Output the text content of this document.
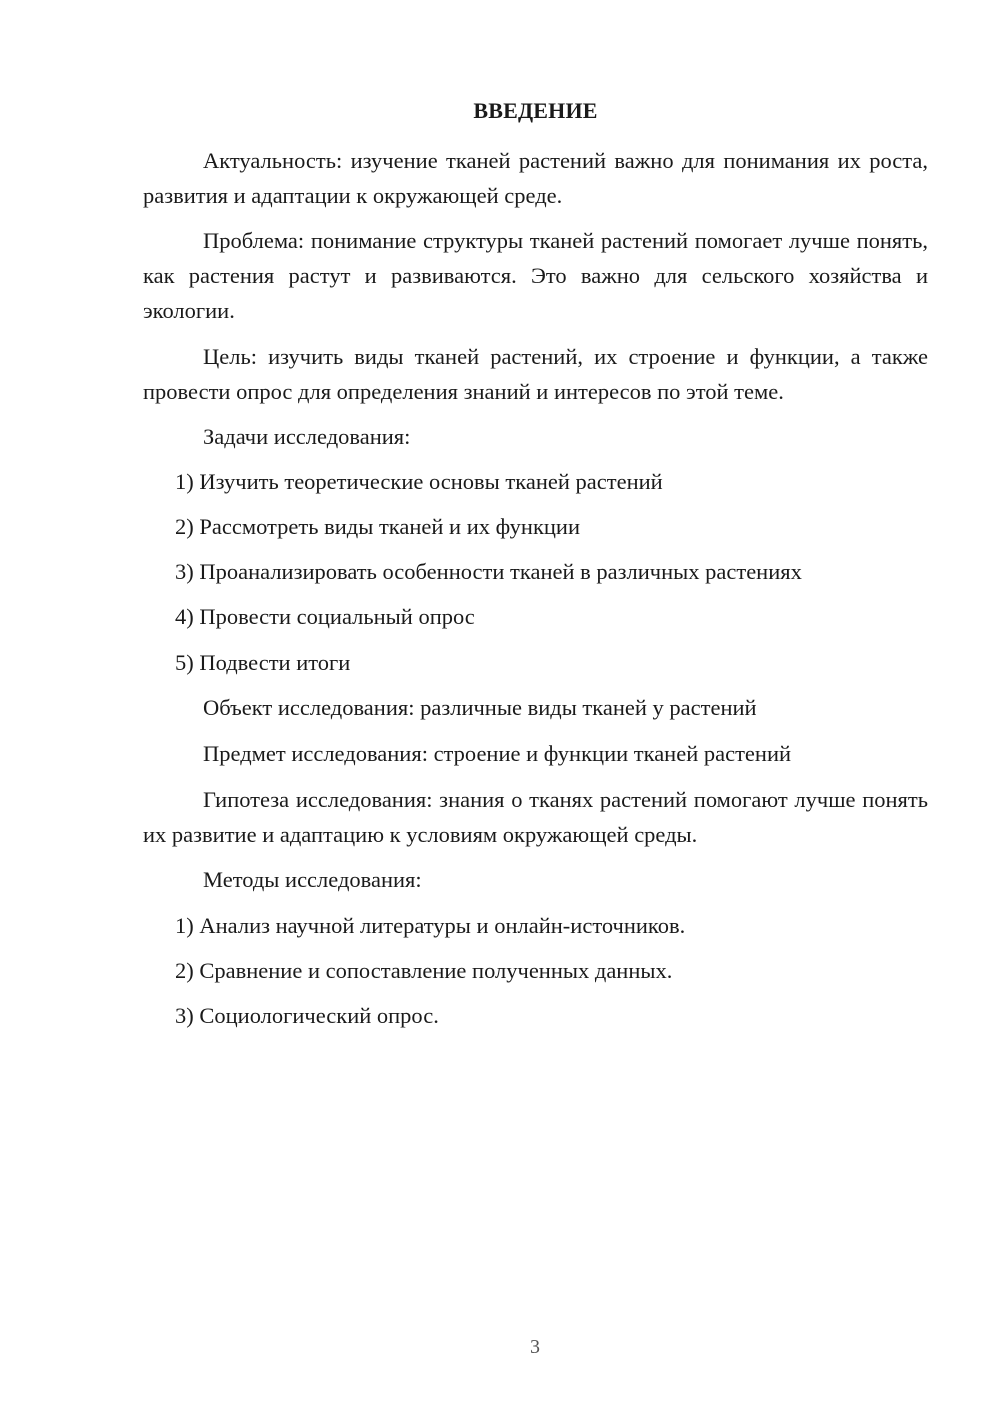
ВВЕДЕНИЕ

Актуальность: изучение тканей растений важно для понимания их роста, развития и адаптации к окружающей среде.

Проблема: понимание структуры тканей растений помогает лучше понять, как растения растут и развиваются. Это важно для сельского хозяйства и экологии.

Цель: изучить виды тканей растений, их строение и функции, а также провести опрос для определения знаний и интересов по этой теме.

Задачи исследования:
1) Изучить теоретические основы тканей растений
2) Рассмотреть виды тканей и их функции
3) Проанализировать особенности тканей в различных растениях
4) Провести социальный опрос
5) Подвести итоги
Объект исследования: различные виды тканей у растений
Предмет исследования: строение и функции тканей растений

Гипотеза исследования: знания о тканях растений помогают лучше понять их развитие и адаптацию к условиям окружающей среды.

Методы исследования:
1) Анализ научной литературы и онлайн-источников.
2) Сравнение и сопоставление полученных данных.
3) Социологический опрос.
3
